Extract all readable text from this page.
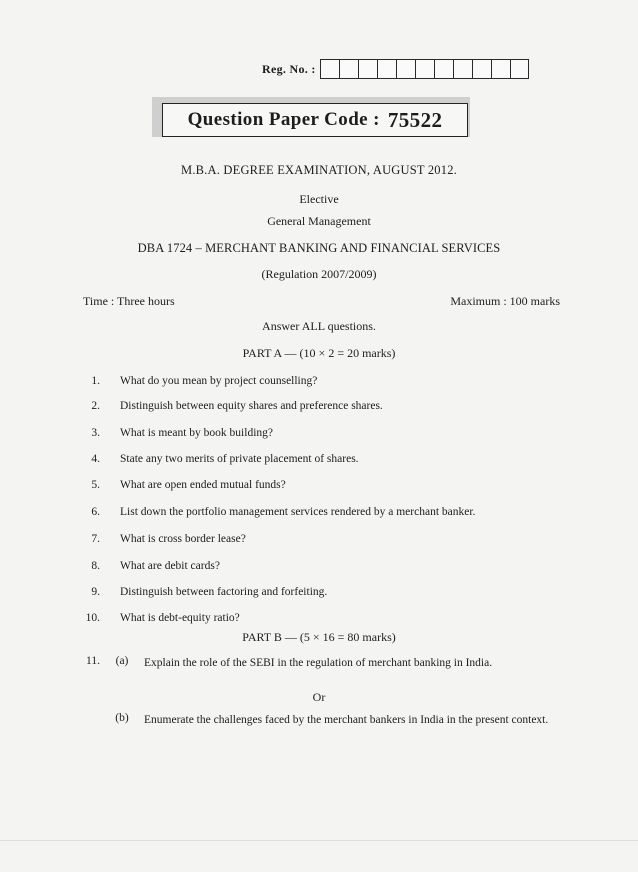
Reg. No. :
Question Paper Code : 75522
M.B.A. DEGREE EXAMINATION, AUGUST 2012.
Elective
General Management
DBA 1724 – MERCHANT BANKING AND FINANCIAL SERVICES
(Regulation 2007/2009)
Time : Three hours	Maximum : 100 marks
Answer ALL questions.
PART A — (10 × 2 = 20 marks)
1. What do you mean by project counselling?
2. Distinguish between equity shares and preference shares.
3. What is meant by book building?
4. State any two merits of private placement of shares.
5. What are open ended mutual funds?
6. List down the portfolio management services rendered by a merchant banker.
7. What is cross border lease?
8. What are debit cards?
9. Distinguish between factoring and forfeiting.
10. What is debt-equity ratio?
PART B — (5 × 16 = 80 marks)
11.	(a)	Explain the role of the SEBI in the regulation of merchant banking in India.
Or
(b)	Enumerate the challenges faced by the merchant bankers in India in the present context.
